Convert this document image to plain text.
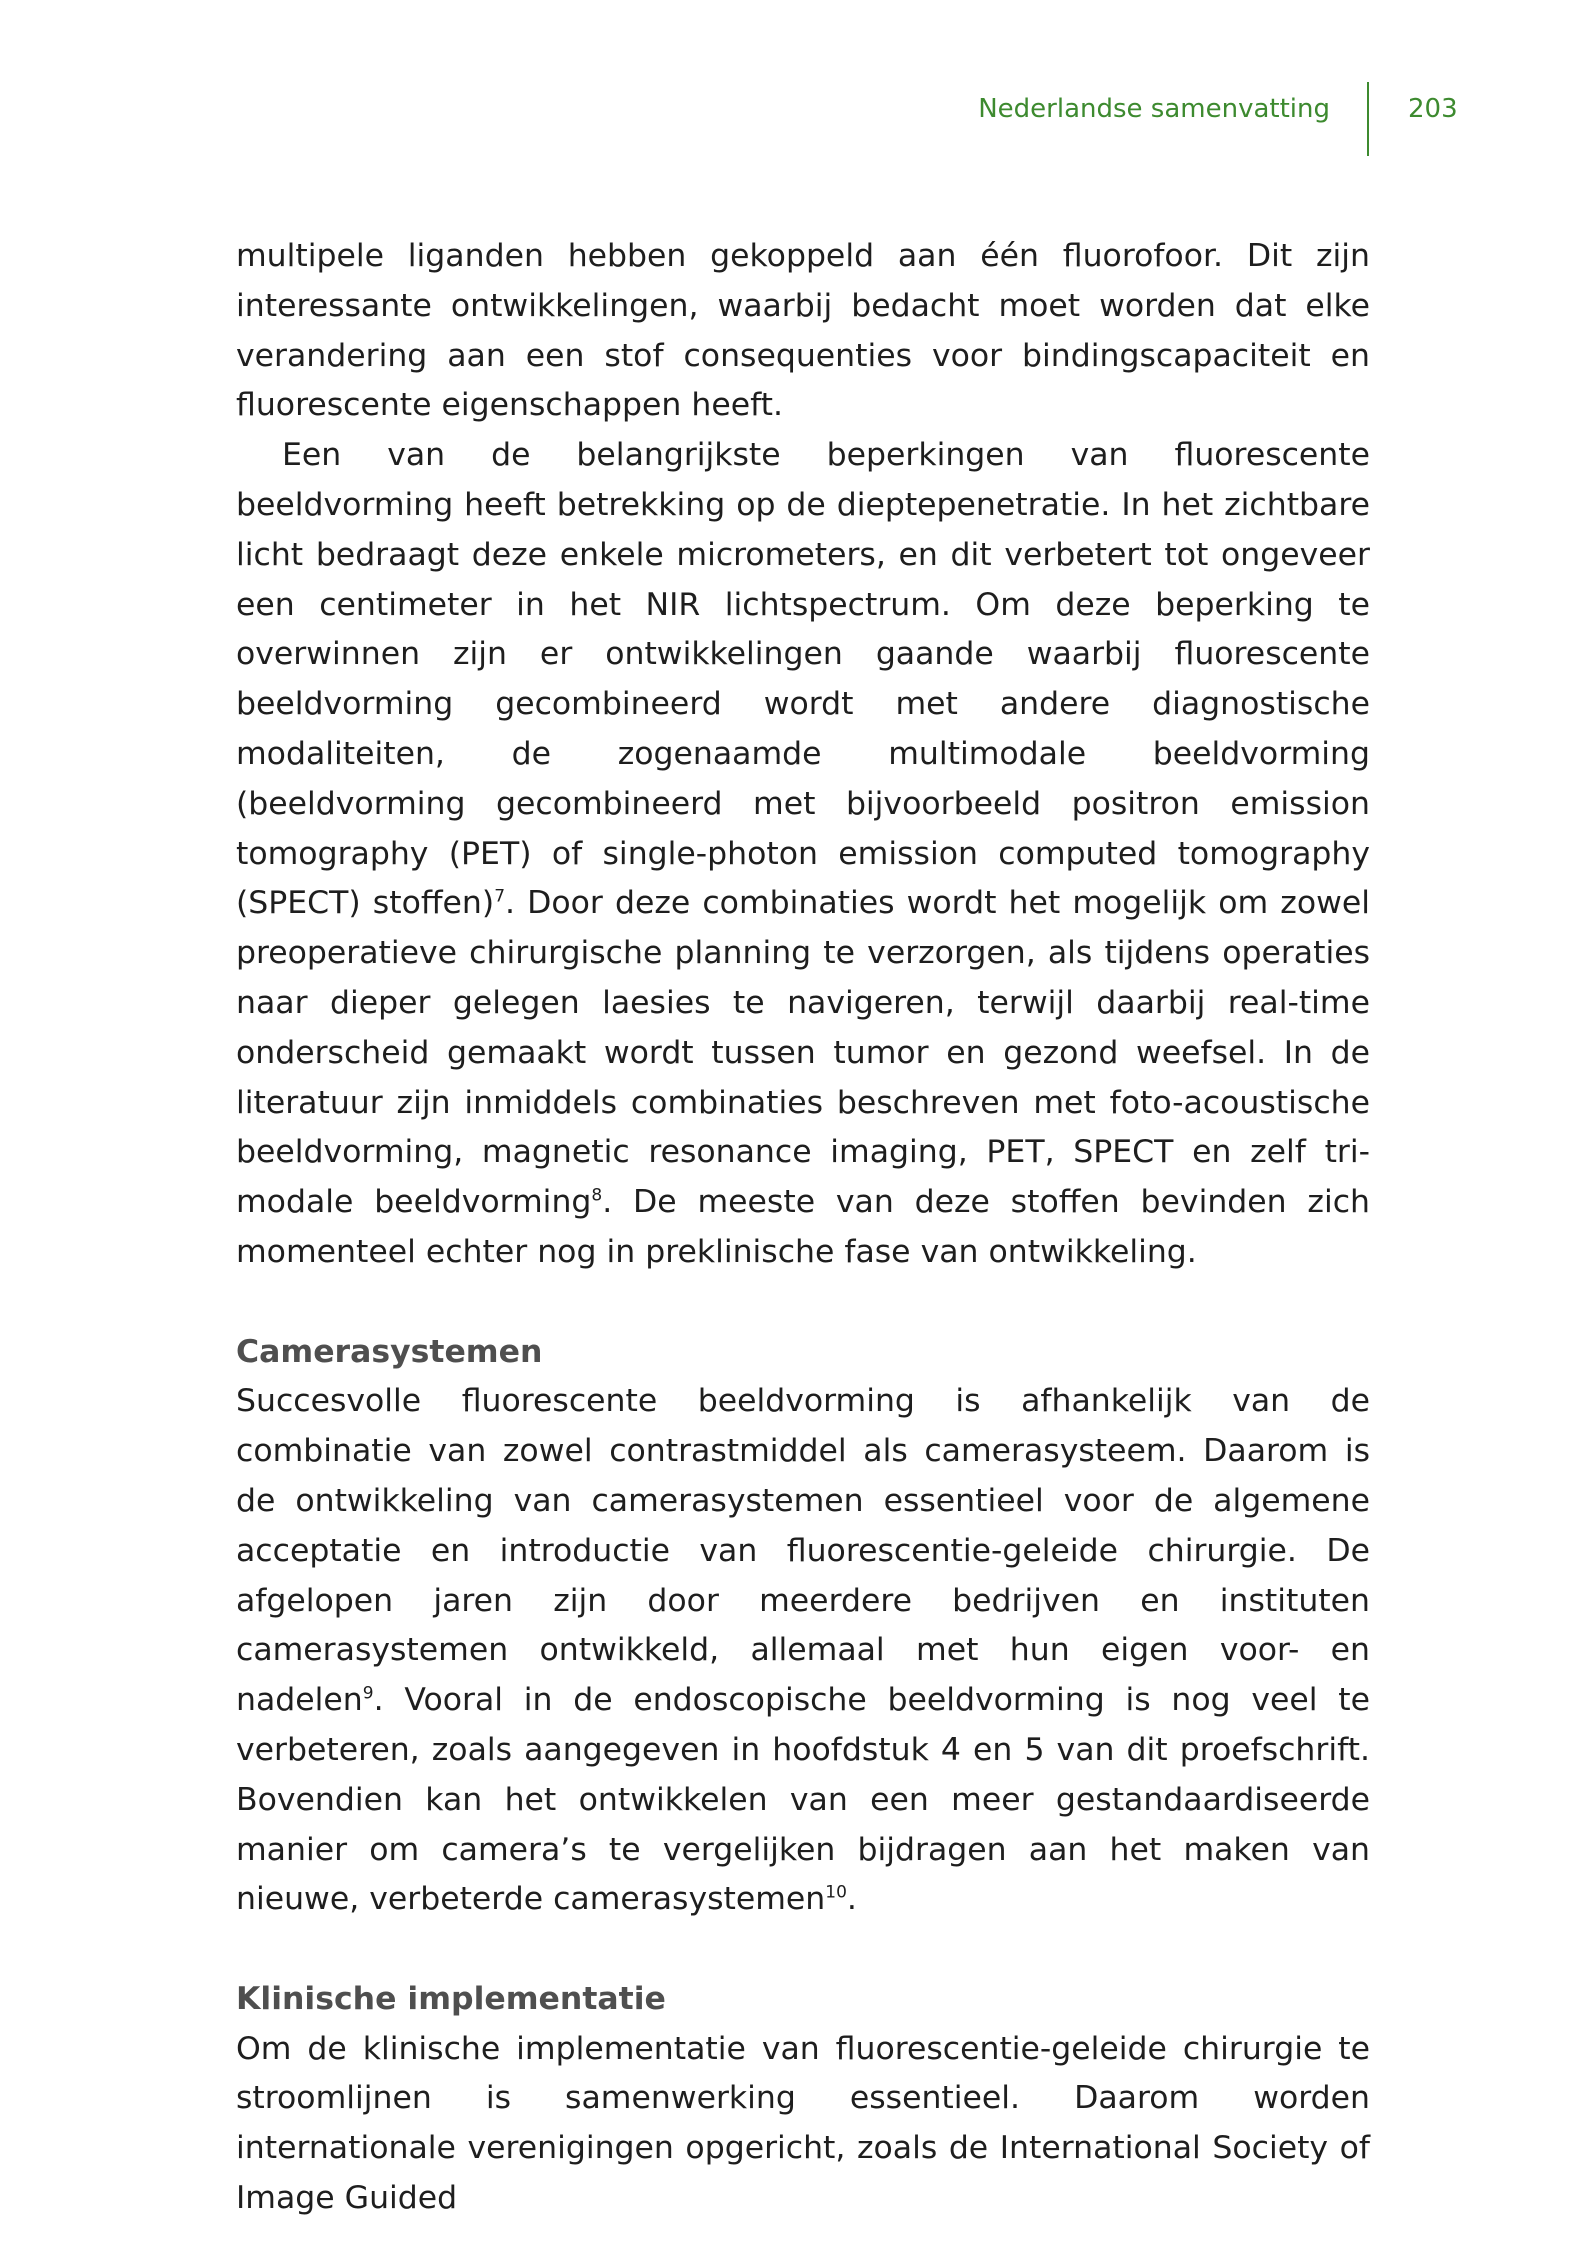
Nederlandse samenvatting	203

multipele liganden hebben gekoppeld aan één fluorofoor. Dit zijn interessante ontwikkelingen, waarbij bedacht moet worden dat elke verandering aan een stof consequenties voor bindingscapaciteit en fluorescente eigenschappen heeft.

Een van de belangrijkste beperkingen van fluorescente beeldvorming heeft betrekking op de dieptepenetratie. In het zichtbare licht bedraagt deze enkele micrometers, en dit verbetert tot ongeveer een centimeter in het NIR lichtspectrum. Om deze beperking te overwinnen zijn er ontwikkelingen gaande waarbij fluorescente beeldvorming gecombineerd wordt met andere diagnostische modaliteiten, de zogenaamde multimodale beeldvorming (beeldvorming gecombineerd met bijvoorbeeld positron emission tomography (PET) of single-photon emission computed tomography (SPECT) stoffen)$^7$. Door deze combinaties wordt het mogelijk om zowel preoperatieve chirurgische planning te verzorgen, als tijdens operaties naar dieper gelegen laesies te navigeren, terwijl daarbij real-time onderscheid gemaakt wordt tussen tumor en gezond weefsel. In de literatuur zijn inmiddels combinaties beschreven met foto-acoustische beeldvorming, magnetic resonance imaging, PET, SPECT en zelf tri-modale beeldvorming$^8$. De meeste van deze stoffen bevinden zich momenteel echter nog in preklinische fase van ontwikkeling.

Camerasystemen

Succesvolle fluorescente beeldvorming is afhankelijk van de combinatie van zowel contrastmiddel als camerasysteem. Daarom is de ontwikkeling van camerasystemen essentieel voor de algemene acceptatie en introductie van fluorescentie-geleide chirurgie. De afgelopen jaren zijn door meerdere bedrijven en instituten camerasystemen ontwikkeld, allemaal met hun eigen voor- en nadelen$^9$. Vooral in de endoscopische beeldvorming is nog veel te verbeteren, zoals aangegeven in hoofdstuk 4 en 5 van dit proefschrift. Bovendien kan het ontwikkelen van een meer gestandaardiseerde manier om camera’s te vergelijken bijdragen aan het maken van nieuwe, verbeterde camerasystemen$^{10}$.

Klinische implementatie

Om de klinische implementatie van fluorescentie-geleide chirurgie te stroomlijnen is samenwerking essentieel. Daarom worden internationale verenigingen opgericht, zoals de International Society of Image Guided
